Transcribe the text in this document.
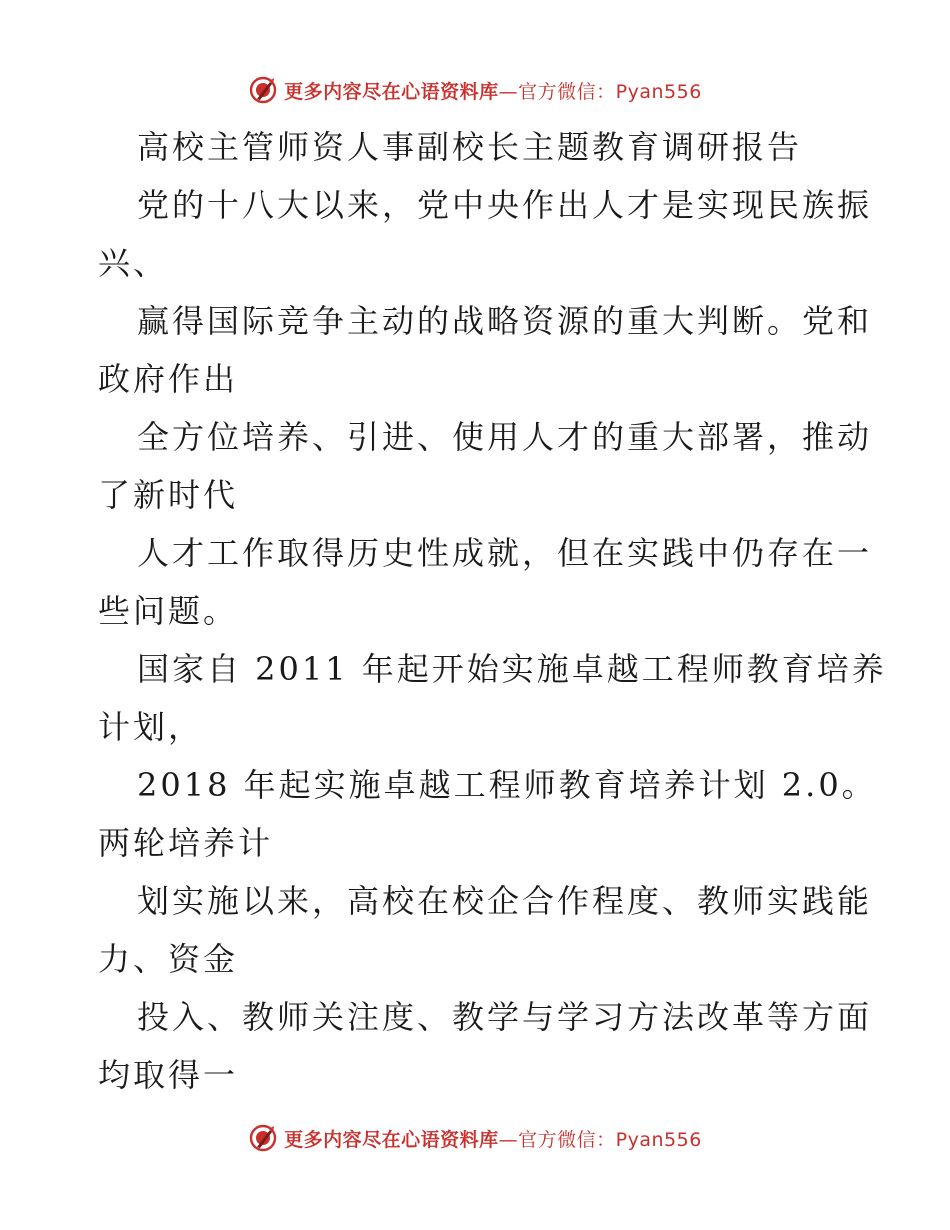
更多内容尽在心语资料库—官方微信：Pyan556
高校主管师资人事副校长主题教育调研报告
党的十八大以来，党中央作出人才是实现民族振
兴、
赢得国际竞争主动的战略资源的重大判断。党和
政府作出
全方位培养、引进、使用人才的重大部署，推动
了新时代
人才工作取得历史性成就，但在实践中仍存在一
些问题。
国家自 2011 年起开始实施卓越工程师教育培养
计划，
2018 年起实施卓越工程师教育培养计划 2.0。
两轮培养计
划实施以来，高校在校企合作程度、教师实践能
力、资金
投入、教师关注度、教学与学习方法改革等方面
均取得一
更多内容尽在心语资料库—官方微信：Pyan556
